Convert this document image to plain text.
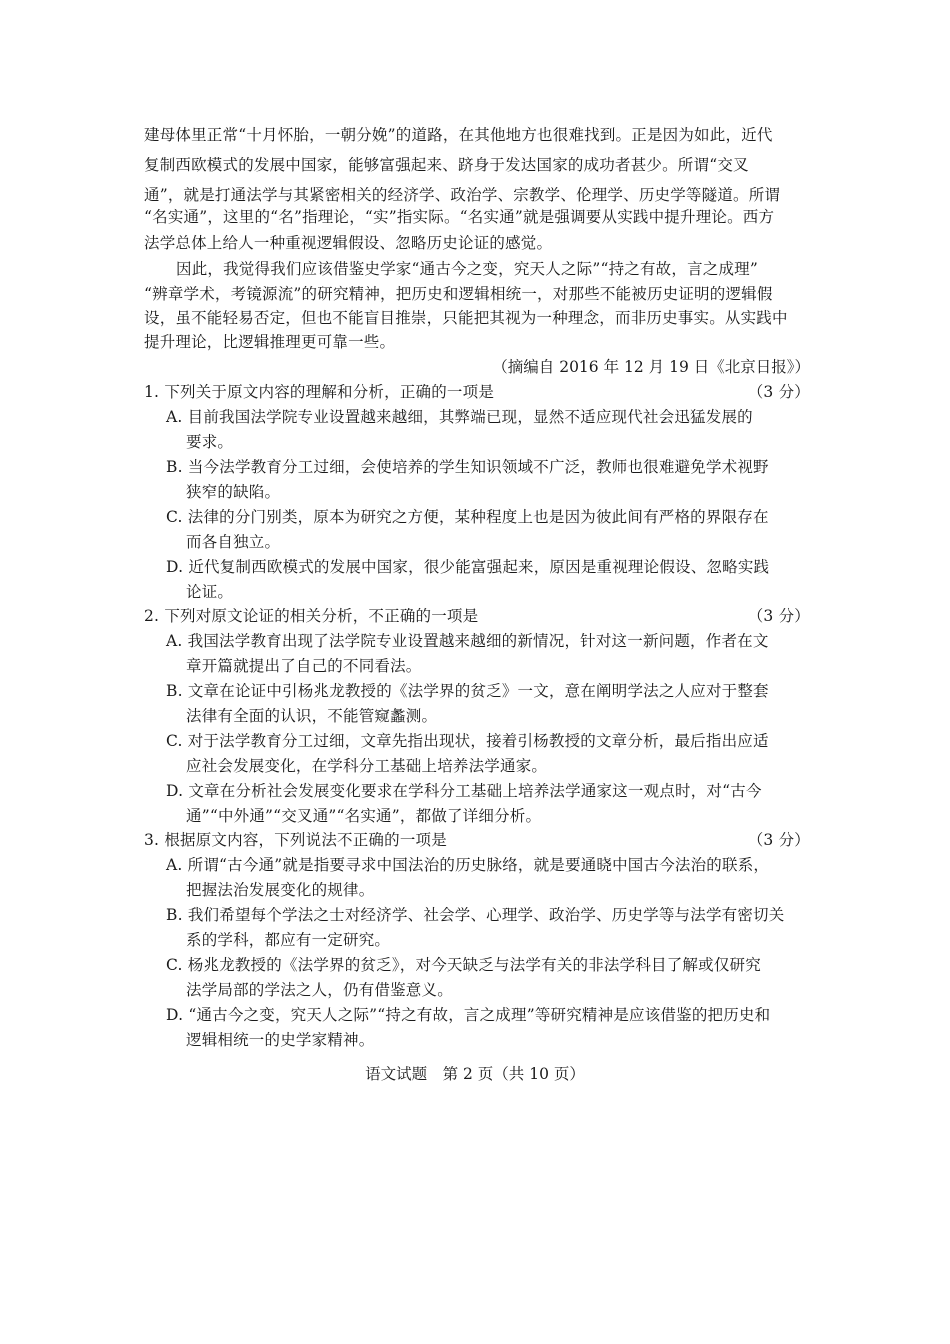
建母体里正常“十月怀胎，一朝分娩”的道路，在其他地方也很难找到。正是因为如此，近代
复制西欧模式的发展中国家，能够富强起来、跻身于发达国家的成功者甚少。所谓“交叉
通”，就是打通法学与其紧密相关的经济学、政治学、宗教学、伦理学、历史学等隧道。所谓
“名实通”，这里的“名”指理论，“实”指实际。“名实通”就是强调要从实践中提升理论。西方
法学总体上给人一种重视逻辑假设、忽略历史论证的感觉。
因此，我觉得我们应该借鉴史学家“通古今之变，究天人之际”“持之有故，言之成理”
“辨章学术，考镜源流”的研究精神，把历史和逻辑相统一，对那些不能被历史证明的逻辑假
设，虽不能轻易否定，但也不能盲目推崇，只能把其视为一种理念，而非历史事实。从实践中
提升理论，比逻辑推理更可靠一些。
（摘编自 2016 年 12 月 19 日《北京日报》）
1. 下列关于原文内容的理解和分析，正确的一项是	（3 分）
A. 目前我国法学院专业设置越来越细，其弊端已现，显然不适应现代社会迅猛发展的
要求。
B. 当今法学教育分工过细，会使培养的学生知识领域不广泛，教师也很难避免学术视野
狭窄的缺陷。
C. 法律的分门别类，原本为研究之方便，某种程度上也是因为彼此间有严格的界限存在
而各自独立。
D. 近代复制西欧模式的发展中国家，很少能富强起来，原因是重视理论假设、忽略实践
论证。
2. 下列对原文论证的相关分析，不正确的一项是	（3 分）
A. 我国法学教育出现了法学院专业设置越来越细的新情况，针对这一新问题，作者在文
章开篇就提出了自己的不同看法。
B. 文章在论证中引杨兆龙教授的《法学界的贫乏》一文，意在阐明学法之人应对于整套
法律有全面的认识，不能管窥蠡测。
C. 对于法学教育分工过细，文章先指出现状，接着引杨教授的文章分析，最后指出应适
应社会发展变化，在学科分工基础上培养法学通家。
D. 文章在分析社会发展变化要求在学科分工基础上培养法学通家这一观点时，对“古今
通”“中外通”“交叉通”“名实通”，都做了详细分析。
3. 根据原文内容，下列说法不正确的一项是	（3 分）
A. 所谓“古今通”就是指要寻求中国法治的历史脉络，就是要通晓中国古今法治的联系，
把握法治发展变化的规律。
B. 我们希望每个学法之士对经济学、社会学、心理学、政治学、历史学等与法学有密切关
系的学科，都应有一定研究。
C. 杨兆龙教授的《法学界的贫乏》，对今天缺乏与法学有关的非法学科目了解或仅研究
法学局部的学法之人，仍有借鉴意义。
D. “通古今之变，究天人之际”“持之有故，言之成理”等研究精神是应该借鉴的把历史和
逻辑相统一的史学家精神。
语文试题　第 2 页（共 10 页）
